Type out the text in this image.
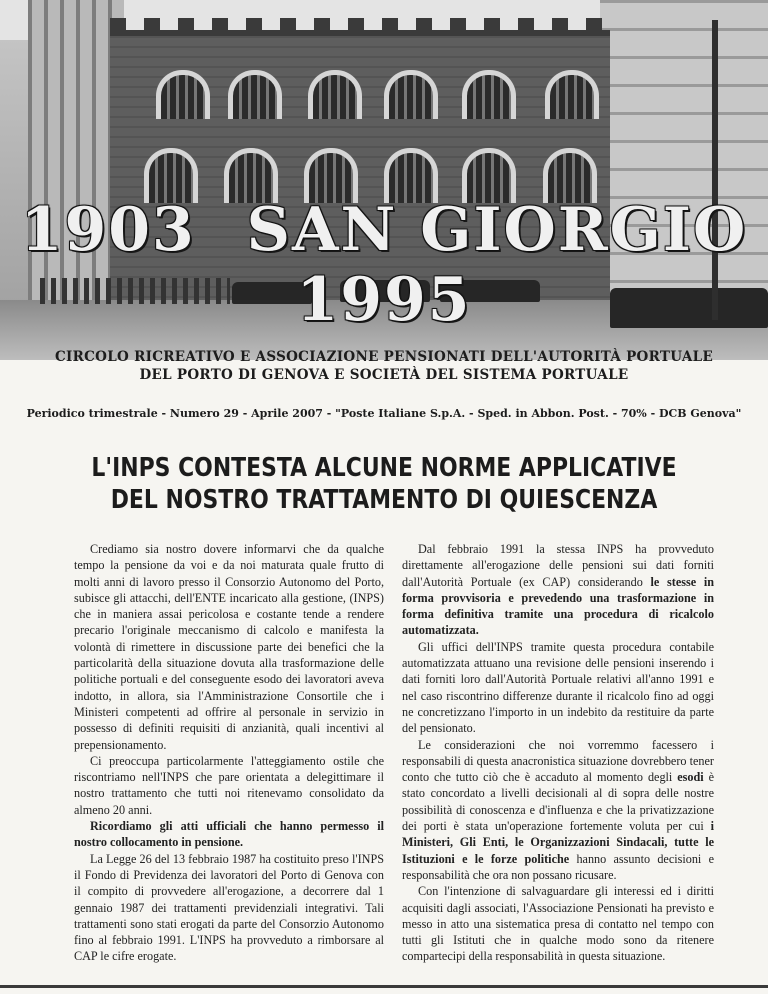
1903 SAN GIORGIO 1995
CIRCOLO RICREATIVO E ASSOCIAZIONE PENSIONATI DELL'AUTORITÀ PORTUALE
DEL PORTO DI GENOVA E SOCIETÀ DEL SISTEMA PORTUALE
Periodico trimestrale - Numero 29 - Aprile 2007 - "Poste Italiane S.p.A. - Sped. in Abbon. Post. - 70% - DCB Genova"
L'INPS CONTESTA ALCUNE NORME APPLICATIVE
DEL NOSTRO TRATTAMENTO DI QUIESCENZA

Crediamo sia nostro dovere informarvi che da qualche tempo la pensione da voi e da noi maturata quale frutto di molti anni di lavoro presso il Consorzio Autonomo del Porto, subisce gli attacchi, dell'ENTE incaricato alla gestione, (INPS) che in maniera assai pericolosa e costante tende a rendere precario l'originale meccanismo di calcolo e manifesta la volontà di rimettere in discussione parte dei benefici che la particolarità della situazione dovuta alla trasformazione delle politiche portuali e del conseguente esodo dei lavoratori aveva indotto, in allora, sia l'Amministrazione Consortile che i Ministeri competenti ad offrire al personale in servizio in possesso di definiti requisiti di anzianità, quali incentivi al prepensionamento.

Ci preoccupa particolarmente l'atteggiamento ostile che riscontriamo nell'INPS che pare orientata a delegittimare il nostro trattamento che tutti noi ritenevamo consolidato da almeno 20 anni.

Ricordiamo gli atti ufficiali che hanno permesso il nostro collocamento in pensione.

La Legge 26 del 13 febbraio 1987 ha costituito preso l'INPS il Fondo di Previdenza dei lavoratori del Porto di Genova con il compito di provvedere all'erogazione, a decorrere dal 1 gennaio 1987 dei trattamenti previdenziali integrativi. Tali trattamenti sono stati erogati da parte del Consorzio Autonomo fino al febbraio 1991. L'INPS ha provveduto a rimborsare al CAP le cifre erogate.

Dal febbraio 1991 la stessa INPS ha provveduto direttamente all'erogazione delle pensioni sui dati forniti dall'Autorità Portuale (ex CAP) considerando le stesse in forma provvisoria e prevedendo una trasformazione in forma definitiva tramite una procedura di ricalcolo automatizzata.

Gli uffici dell'INPS tramite questa procedura contabile automatizzata attuano una revisione delle pensioni inserendo i dati forniti loro dall'Autorità Portuale relativi all'anno 1991 e nel caso riscontrino differenze durante il ricalcolo fino ad oggi ne concretizzano l'importo in un indebito da restituire da parte del pensionato.

Le considerazioni che noi vorremmo facessero i responsabili di questa anacronistica situazione dovrebbero tener conto che tutto ciò che è accaduto al momento degli esodi è stato concordato a livelli decisionali al di sopra delle nostre possibilità di conoscenza e d'influenza e che la privatizzazione dei porti è stata un'operazione fortemente voluta per cui i Ministeri, Gli Enti, le Organizzazioni Sindacali, tutte le Istituzioni e le forze politiche hanno assunto decisioni e responsabilità che ora non possano ricusare.

Con l'intenzione di salvaguardare gli interessi ed i diritti acquisiti dagli associati, l'Associazione Pensionati ha previsto e messo in atto una sistematica presa di contatto nel tempo con tutti gli Istituti che in qualche modo sono da ritenere compartecipi della responsabilità in questa situazione.
